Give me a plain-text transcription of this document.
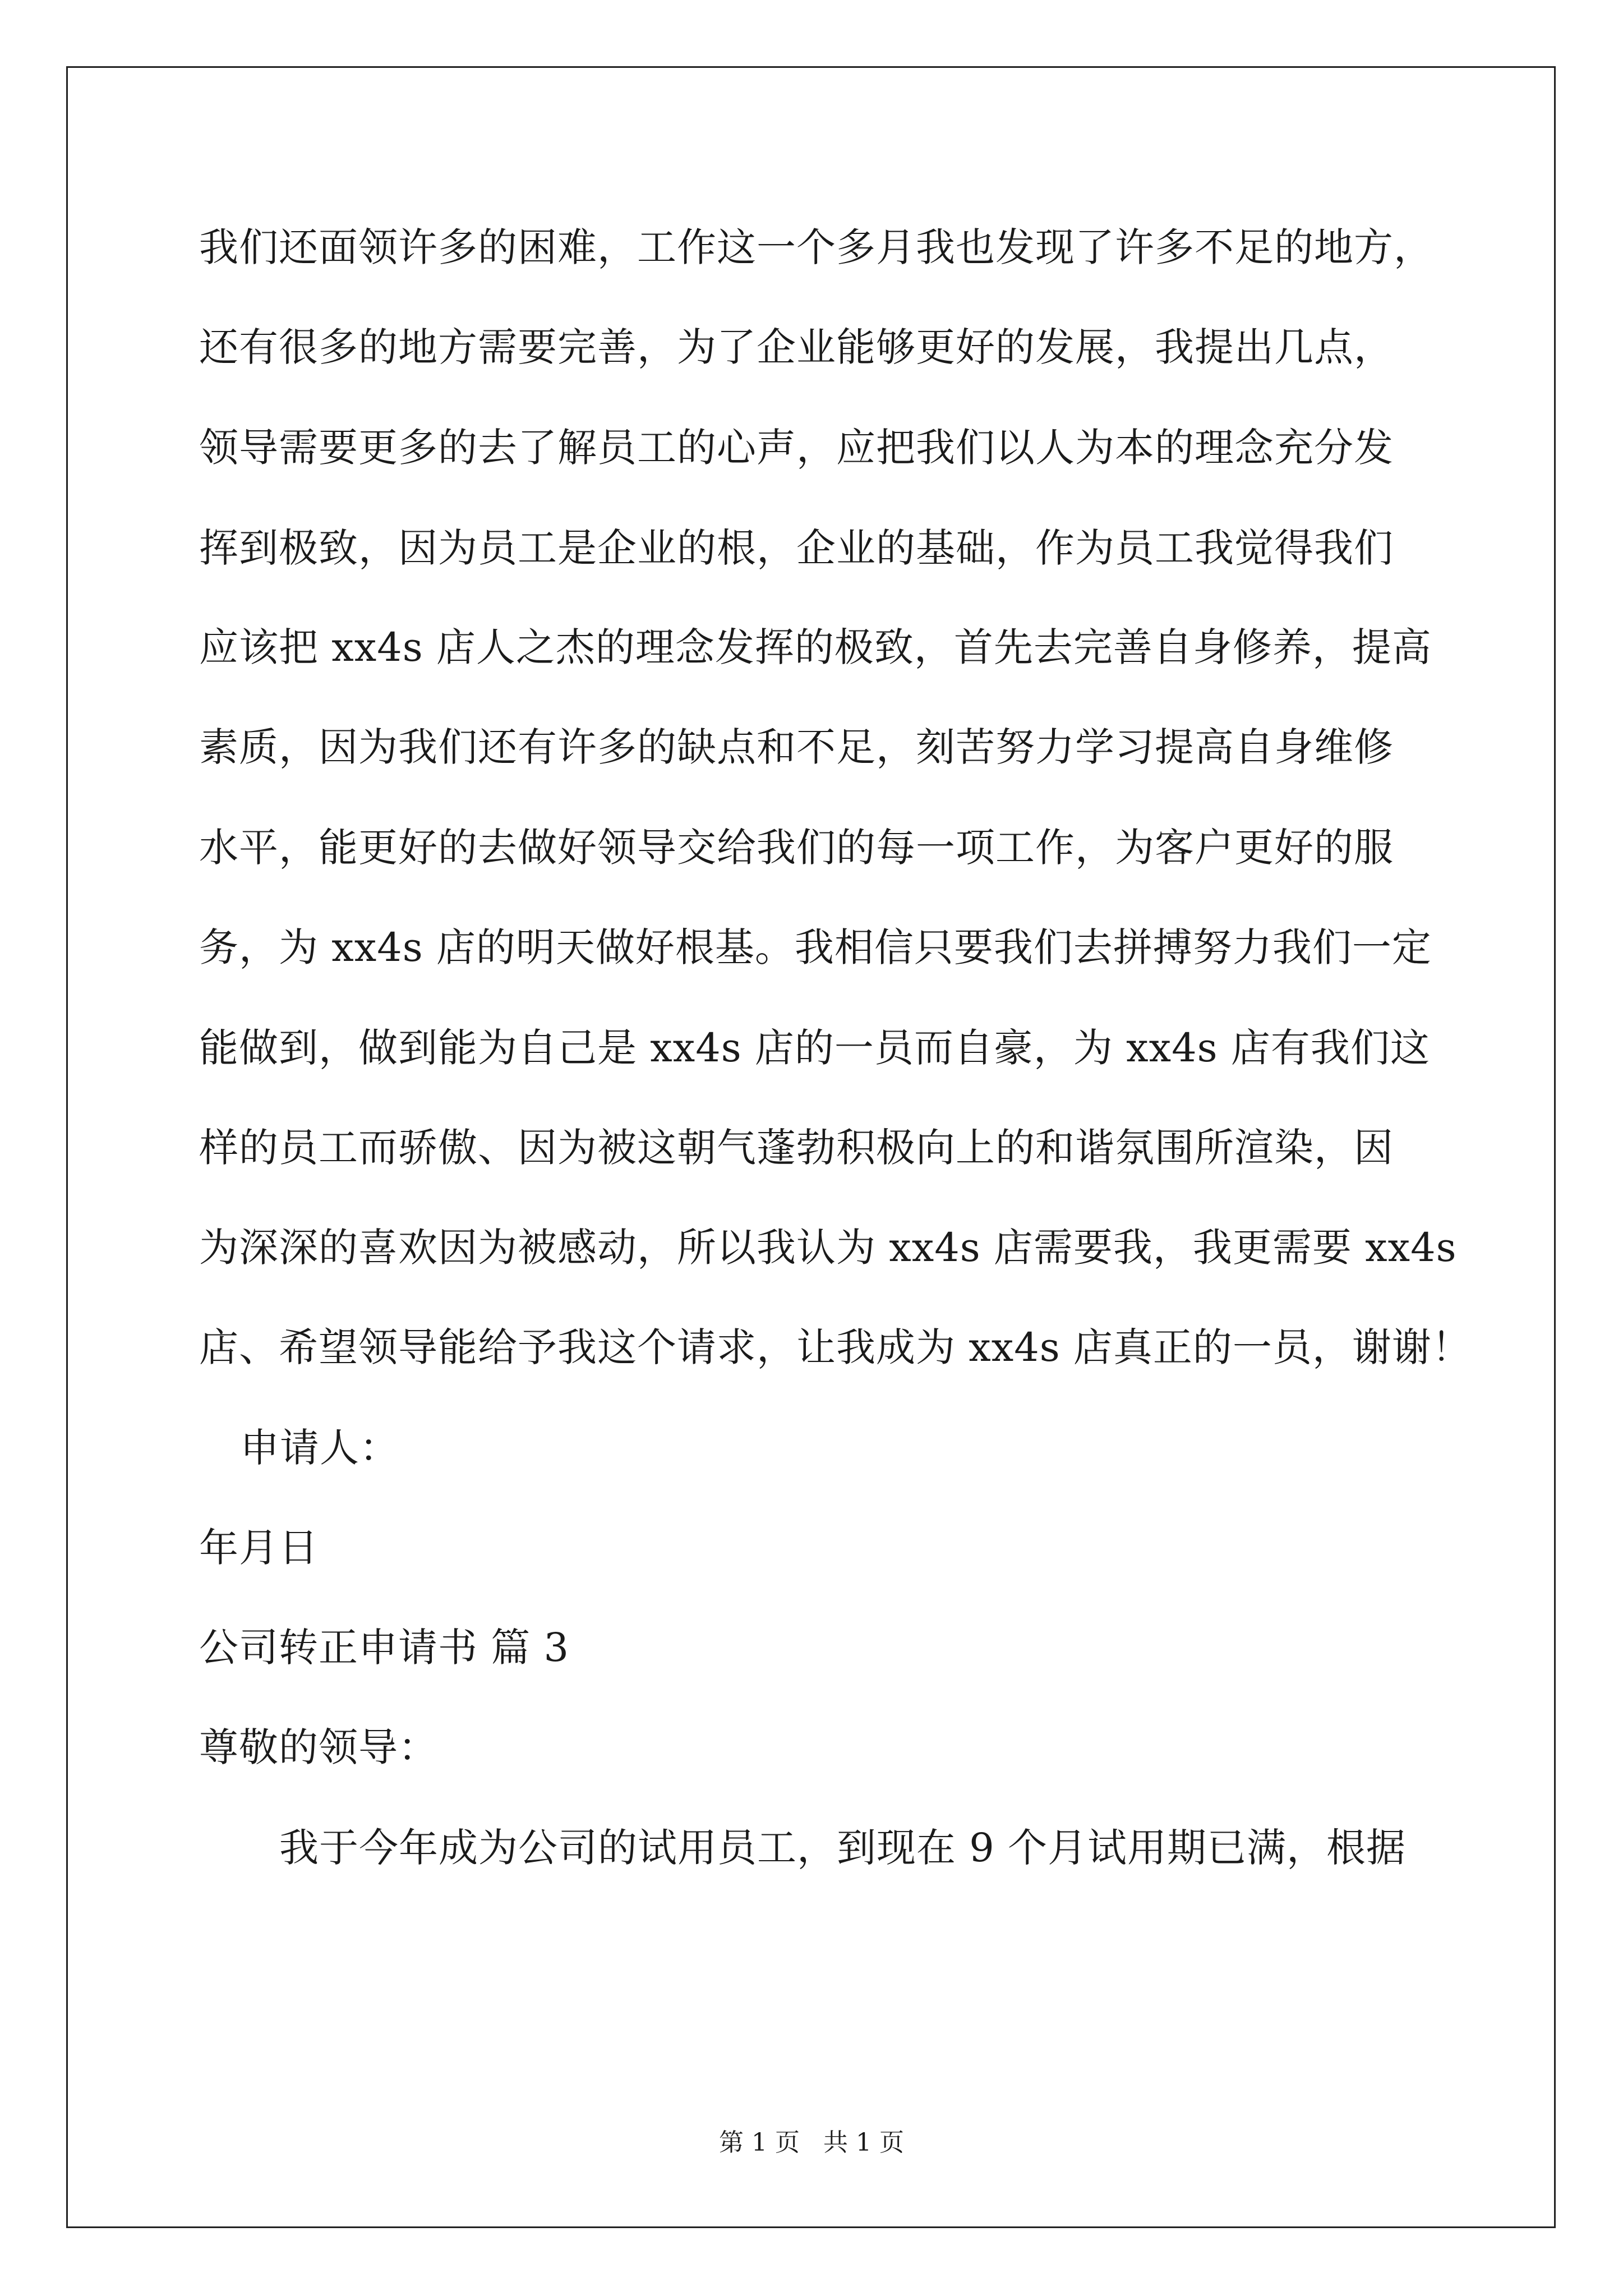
我们还面领许多的困难，工作这一个多月我也发现了许多不足的地方，
还有很多的地方需要完善，为了企业能够更好的发展，我提出几点，
领导需要更多的去了解员工的心声，应把我们以人为本的理念充分发
挥到极致，因为员工是企业的根，企业的基础，作为员工我觉得我们
应该把 xx4s 店人之杰的理念发挥的极致，首先去完善自身修养，提高
素质，因为我们还有许多的缺点和不足，刻苦努力学习提高自身维修
水平，能更好的去做好领导交给我们的每一项工作，为客户更好的服
务，为 xx4s 店的明天做好根基。我相信只要我们去拼搏努力我们一定
能做到，做到能为自己是 xx4s 店的一员而自豪，为 xx4s 店有我们这
样的员工而骄傲、因为被这朝气蓬勃积极向上的和谐氛围所渲染，因
为深深的喜欢因为被感动，所以我认为 xx4s 店需要我，我更需要 xx4s
店、希望领导能给予我这个请求，让我成为 xx4s 店真正的一员，谢谢！
申请人：
年月日
公司转正申请书 篇 3
尊敬的领导：
我于今年成为公司的试用员工，到现在 9 个月试用期已满，根据
第 1 页   共 1 页
